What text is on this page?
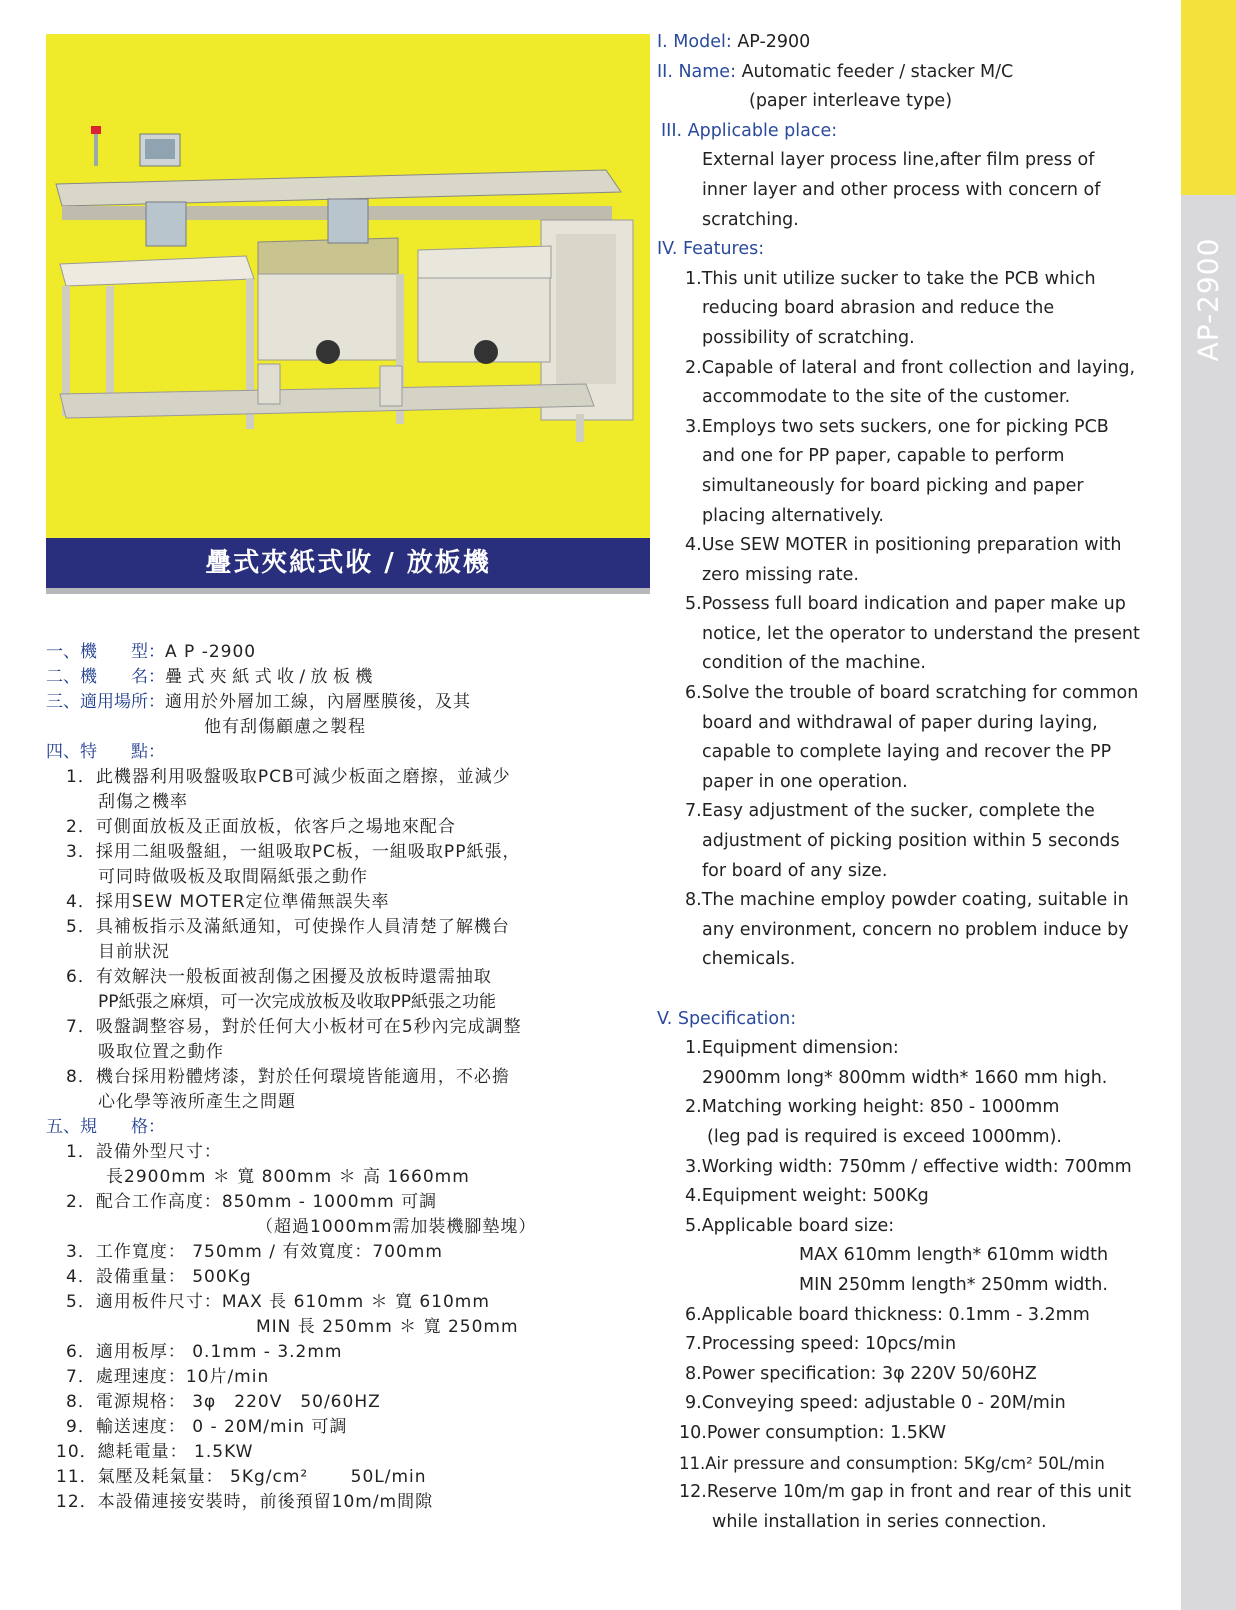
AP-2900
疊式夾紙式收 / 放板機
一、機　　型：A P -2900
二、機　　名：疊 式 夾 紙 式 收 / 放 板 機
三、適用場所：適用於外層加工線，內層壓膜後，及其
他有刮傷顧慮之製程
四、特　　點：
1．此機器利用吸盤吸取PCB可減少板面之磨擦，並減少
刮傷之機率
2．可側面放板及正面放板，依客戶之場地來配合
3．採用二組吸盤組，一組吸取PC板，一組吸取PP紙張，
可同時做吸板及取間隔紙張之動作
4．採用SEW MOTER定位準備無誤失率
5．具補板指示及滿紙通知，可使操作人員清楚了解機台
目前狀況
6．有效解決一般板面被刮傷之困擾及放板時還需抽取
PP紙張之麻煩，可一次完成放板及收取PP紙張之功能
7．吸盤調整容易，對於任何大小板材可在5秒內完成調整
吸取位置之動作
8．機台採用粉體烤漆，對於任何環境皆能適用，不必擔
心化學等液所產生之問題
五、規　　格：
1．設備外型尺寸：
長2900mm ＊ 寬 800mm ＊ 高 1660mm
2．配合工作高度：850mm - 1000mm 可調
（超過1000mm需加裝機腳墊塊）
3．工作寬度： 750mm / 有效寬度：700mm
4．設備重量： 500Kg
5．適用板件尺寸：MAX 長 610mm ＊ 寬 610mm
MIN 長 250mm ＊ 寬 250mm
6．適用板厚： 0.1mm - 3.2mm
7．處理速度：10片/min
8．電源規格： 3φ　220V　50/60HZ
9．輸送速度： 0 - 20M/min 可調
10．總耗電量： 1.5KW
11．氣壓及耗氣量： 5Kg/cm²　　 50L/min
12．本設備連接安裝時，前後預留10m/m間隙
I. Model: AP-2900
II. Name: Automatic feeder / stacker M/C
(paper interleave type)
III. Applicable place:
External layer process line,after film press of
inner layer and other process with concern of
scratching.
IV. Features:
1.This unit utilize sucker to take the PCB which
reducing board abrasion and reduce the
possibility of scratching.
2.Capable of lateral and front collection and laying,
accommodate to the site of the customer.
3.Employs two sets suckers, one for picking PCB
and one for PP paper, capable to perform
simultaneously for board picking and paper
placing alternatively.
4.Use SEW MOTER in positioning preparation with
zero missing rate.
5.Possess full board indication and paper make up
notice, let the operator to understand the present
condition of the machine.
6.Solve the trouble of board scratching for common
board and withdrawal of paper during laying,
capable to complete laying and recover the PP
paper in one operation.
7.Easy adjustment of the sucker, complete the
adjustment of picking position within 5 seconds
for board of any size.
8.The machine employ powder coating, suitable in
any environment, concern no problem induce by
chemicals.
V. Specification:
1.Equipment dimension:
2900mm long* 800mm width* 1660 mm high.
2.Matching working height: 850 - 1000mm
(leg pad is required is exceed 1000mm).
3.Working width: 750mm / effective width: 700mm
4.Equipment weight: 500Kg
5.Applicable board size:
MAX 610mm length* 610mm width
MIN 250mm length* 250mm width.
6.Applicable board thickness: 0.1mm - 3.2mm
7.Processing speed: 10pcs/min
8.Power specification: 3φ 220V 50/60HZ
9.Conveying speed: adjustable 0 - 20M/min
10.Power consumption: 1.5KW
11.Air pressure and consumption: 5Kg/cm² 50L/min
12.Reserve 10m/m gap in front and rear of this unit
while installation in series connection.
